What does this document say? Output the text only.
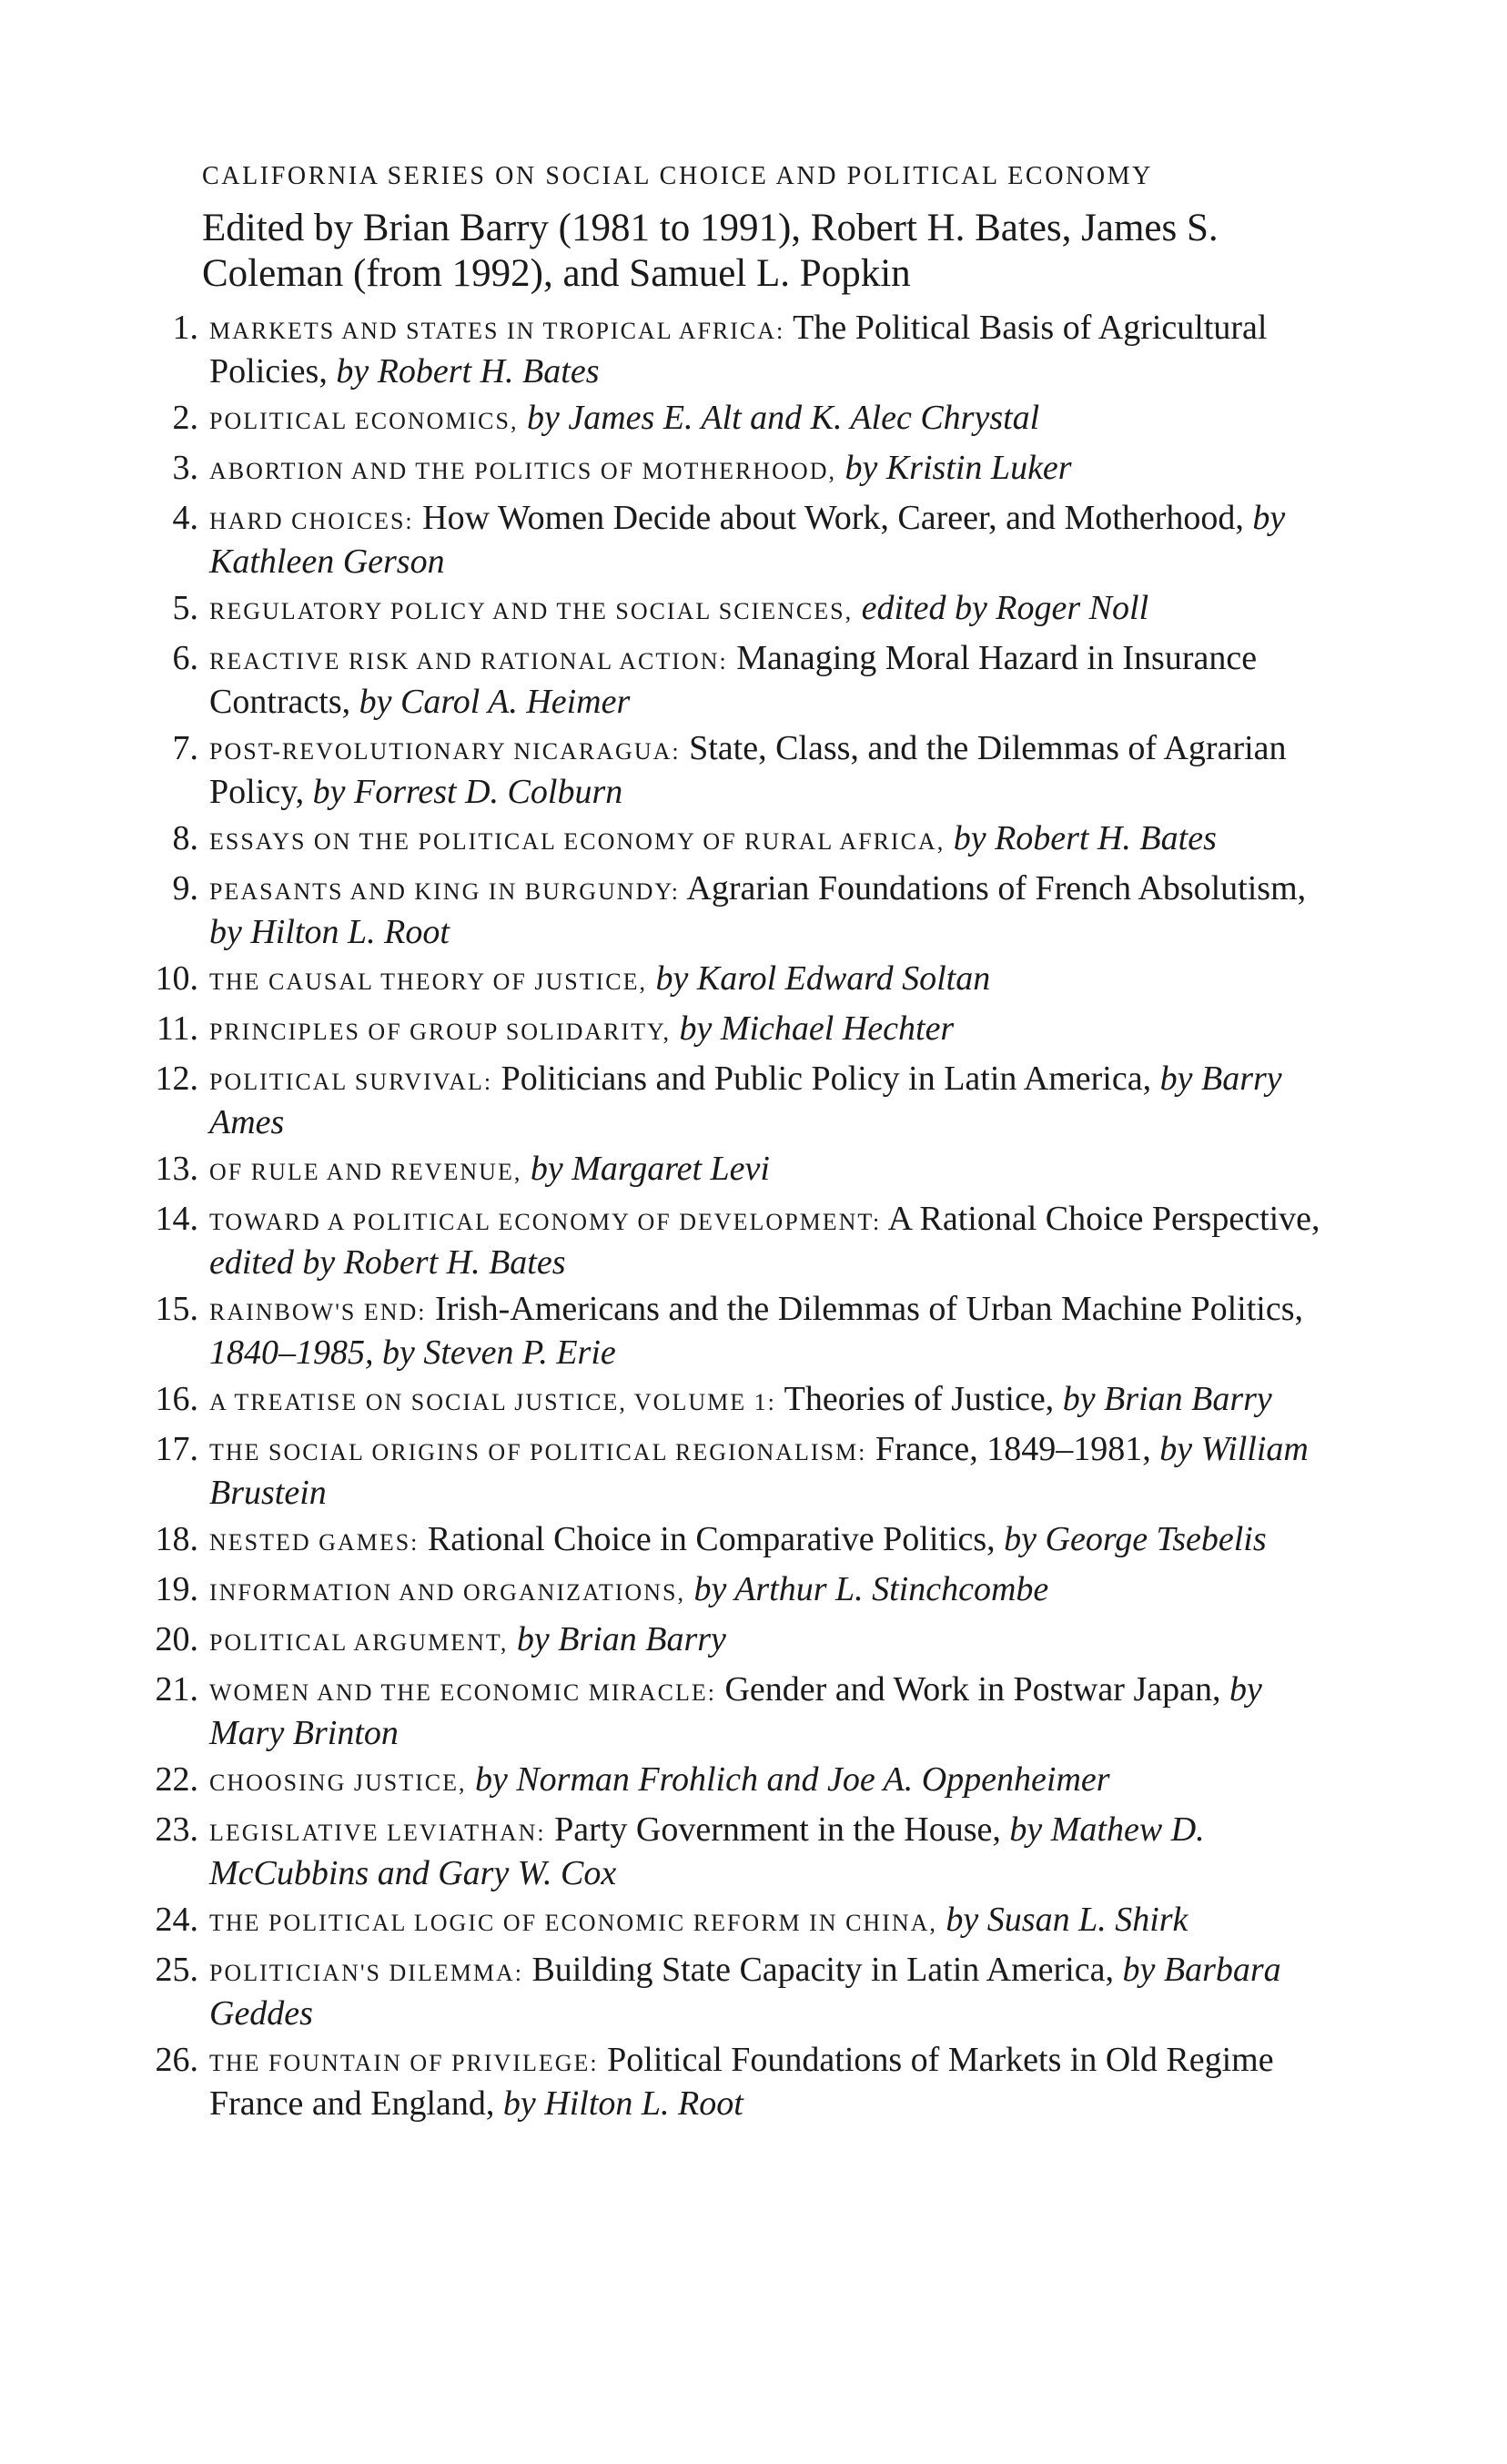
CALIFORNIA SERIES ON SOCIAL CHOICE AND POLITICAL ECONOMY
Edited by Brian Barry (1981 to 1991), Robert H. Bates, James S. Coleman (from 1992), and Samuel L. Popkin
1. MARKETS AND STATES IN TROPICAL AFRICA: The Political Basis of Agricultural Policies, by Robert H. Bates
2. POLITICAL ECONOMICS, by James E. Alt and K. Alec Chrystal
3. ABORTION AND THE POLITICS OF MOTHERHOOD, by Kristin Luker
4. HARD CHOICES: How Women Decide about Work, Career, and Motherhood, by Kathleen Gerson
5. REGULATORY POLICY AND THE SOCIAL SCIENCES, edited by Roger Noll
6. REACTIVE RISK AND RATIONAL ACTION: Managing Moral Hazard in Insurance Contracts, by Carol A. Heimer
7. POST-REVOLUTIONARY NICARAGUA: State, Class, and the Dilemmas of Agrarian Policy, by Forrest D. Colburn
8. ESSAYS ON THE POLITICAL ECONOMY OF RURAL AFRICA, by Robert H. Bates
9. PEASANTS AND KING IN BURGUNDY: Agrarian Foundations of French Absolutism, by Hilton L. Root
10. THE CAUSAL THEORY OF JUSTICE, by Karol Edward Soltan
11. PRINCIPLES OF GROUP SOLIDARITY, by Michael Hechter
12. POLITICAL SURVIVAL: Politicians and Public Policy in Latin America, by Barry Ames
13. OF RULE AND REVENUE, by Margaret Levi
14. TOWARD A POLITICAL ECONOMY OF DEVELOPMENT: A Rational Choice Perspective, edited by Robert H. Bates
15. RAINBOW'S END: Irish-Americans and the Dilemmas of Urban Machine Politics, 1840–1985, by Steven P. Erie
16. A TREATISE ON SOCIAL JUSTICE, VOLUME 1: Theories of Justice, by Brian Barry
17. THE SOCIAL ORIGINS OF POLITICAL REGIONALISM: France, 1849–1981, by William Brustein
18. NESTED GAMES: Rational Choice in Comparative Politics, by George Tsebelis
19. INFORMATION AND ORGANIZATIONS, by Arthur L. Stinchcombe
20. POLITICAL ARGUMENT, by Brian Barry
21. WOMEN AND THE ECONOMIC MIRACLE: Gender and Work in Postwar Japan, by Mary Brinton
22. CHOOSING JUSTICE, by Norman Frohlich and Joe A. Oppenheimer
23. LEGISLATIVE LEVIATHAN: Party Government in the House, by Mathew D. McCubbins and Gary W. Cox
24. THE POLITICAL LOGIC OF ECONOMIC REFORM IN CHINA, by Susan L. Shirk
25. POLITICIAN'S DILEMMA: Building State Capacity in Latin America, by Barbara Geddes
26. THE FOUNTAIN OF PRIVILEGE: Political Foundations of Markets in Old Regime France and England, by Hilton L. Root
